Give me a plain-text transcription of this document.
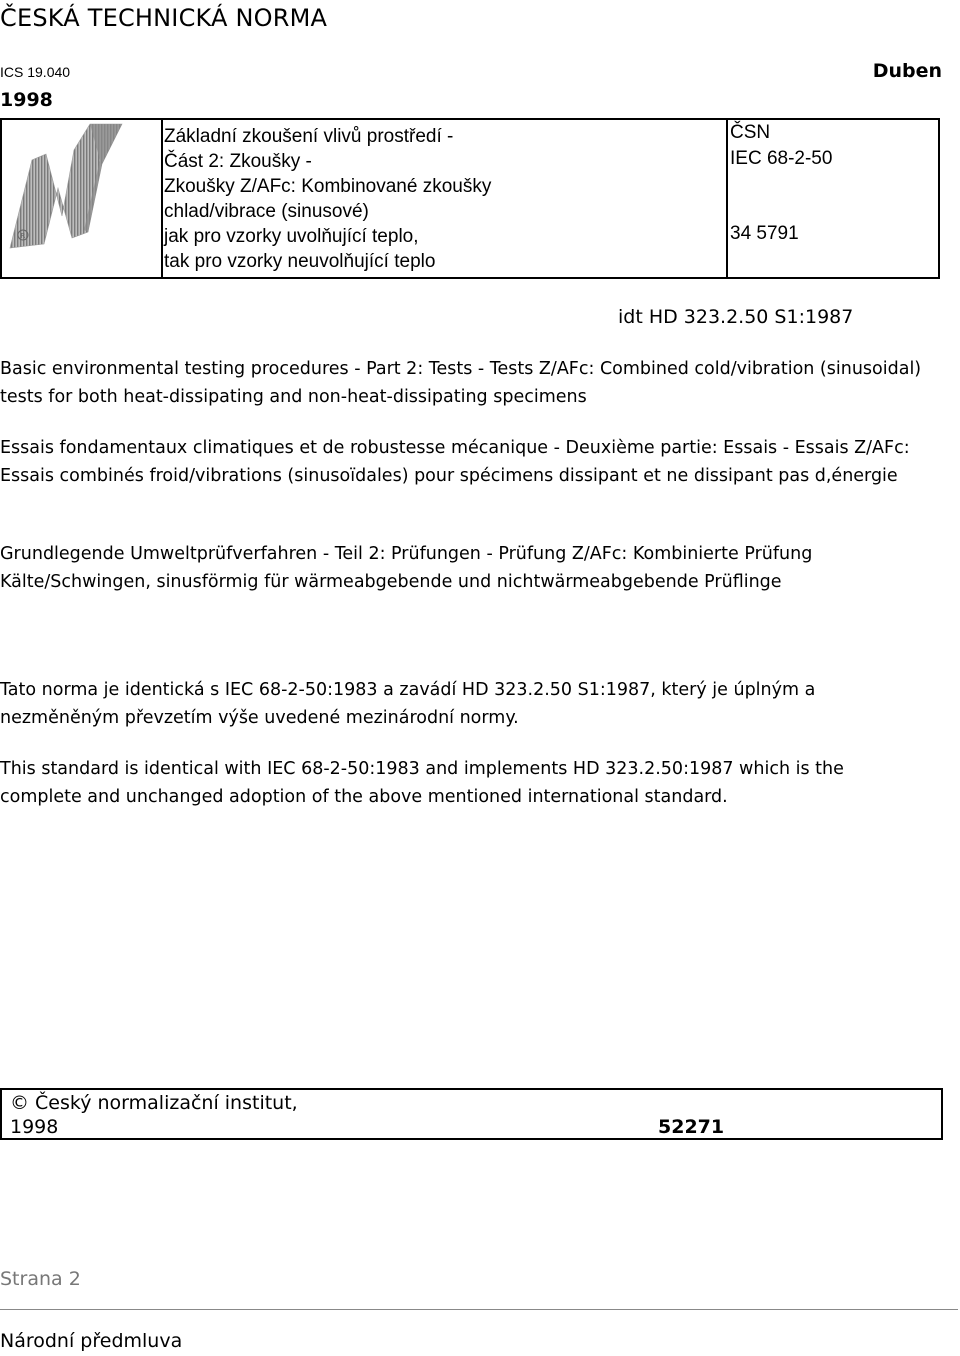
ČESKÁ TECHNICKÁ NORMA
ICS 19.040	Duben
1998
R
Základní zkoušení vlivů prostředí -
Část 2: Zkoušky -
Zkoušky Z/AFc: Kombinované zkoušky
chlad/vibrace (sinusové)
jak pro vzorky uvolňující teplo,
tak pro vzorky neuvolňující teplo
ČSN
IEC 68-2-50
34 5791
idt HD 323.2.50 S1:1987
Basic environmental testing procedures - Part 2: Tests - Tests Z/AFc: Combined cold/vibration (sinusoidal) tests for both heat-dissipating and non-heat-dissipating specimens
Essais fondamentaux climatiques et de robustesse mécanique - Deuxième partie: Essais - Essais Z/AFc: Essais combinés froid/vibrations (sinusoïdales) pour spécimens dissipant et ne dissipant pas d,énergie
Grundlegende Umweltprüfverfahren - Teil 2: Prüfungen - Prüfung Z/AFc: Kombinierte Prüfung Kälte/Schwingen, sinusförmig für wärmeabgebende und nichtwärmeabgebende Prüflinge
Tato norma je identická s IEC 68-2-50:1983 a zavádí HD 323.2.50 S1:1987, který je úplným a nezměněným převzetím výše uvedené mezinárodní normy.
This standard is identical with IEC 68-2-50:1983 and implements HD 323.2.50:1987 which is the complete and unchanged adoption of the above mentioned international standard.
© Český normalizační institut,
1998	52271
Strana 2
Národní předmluva
